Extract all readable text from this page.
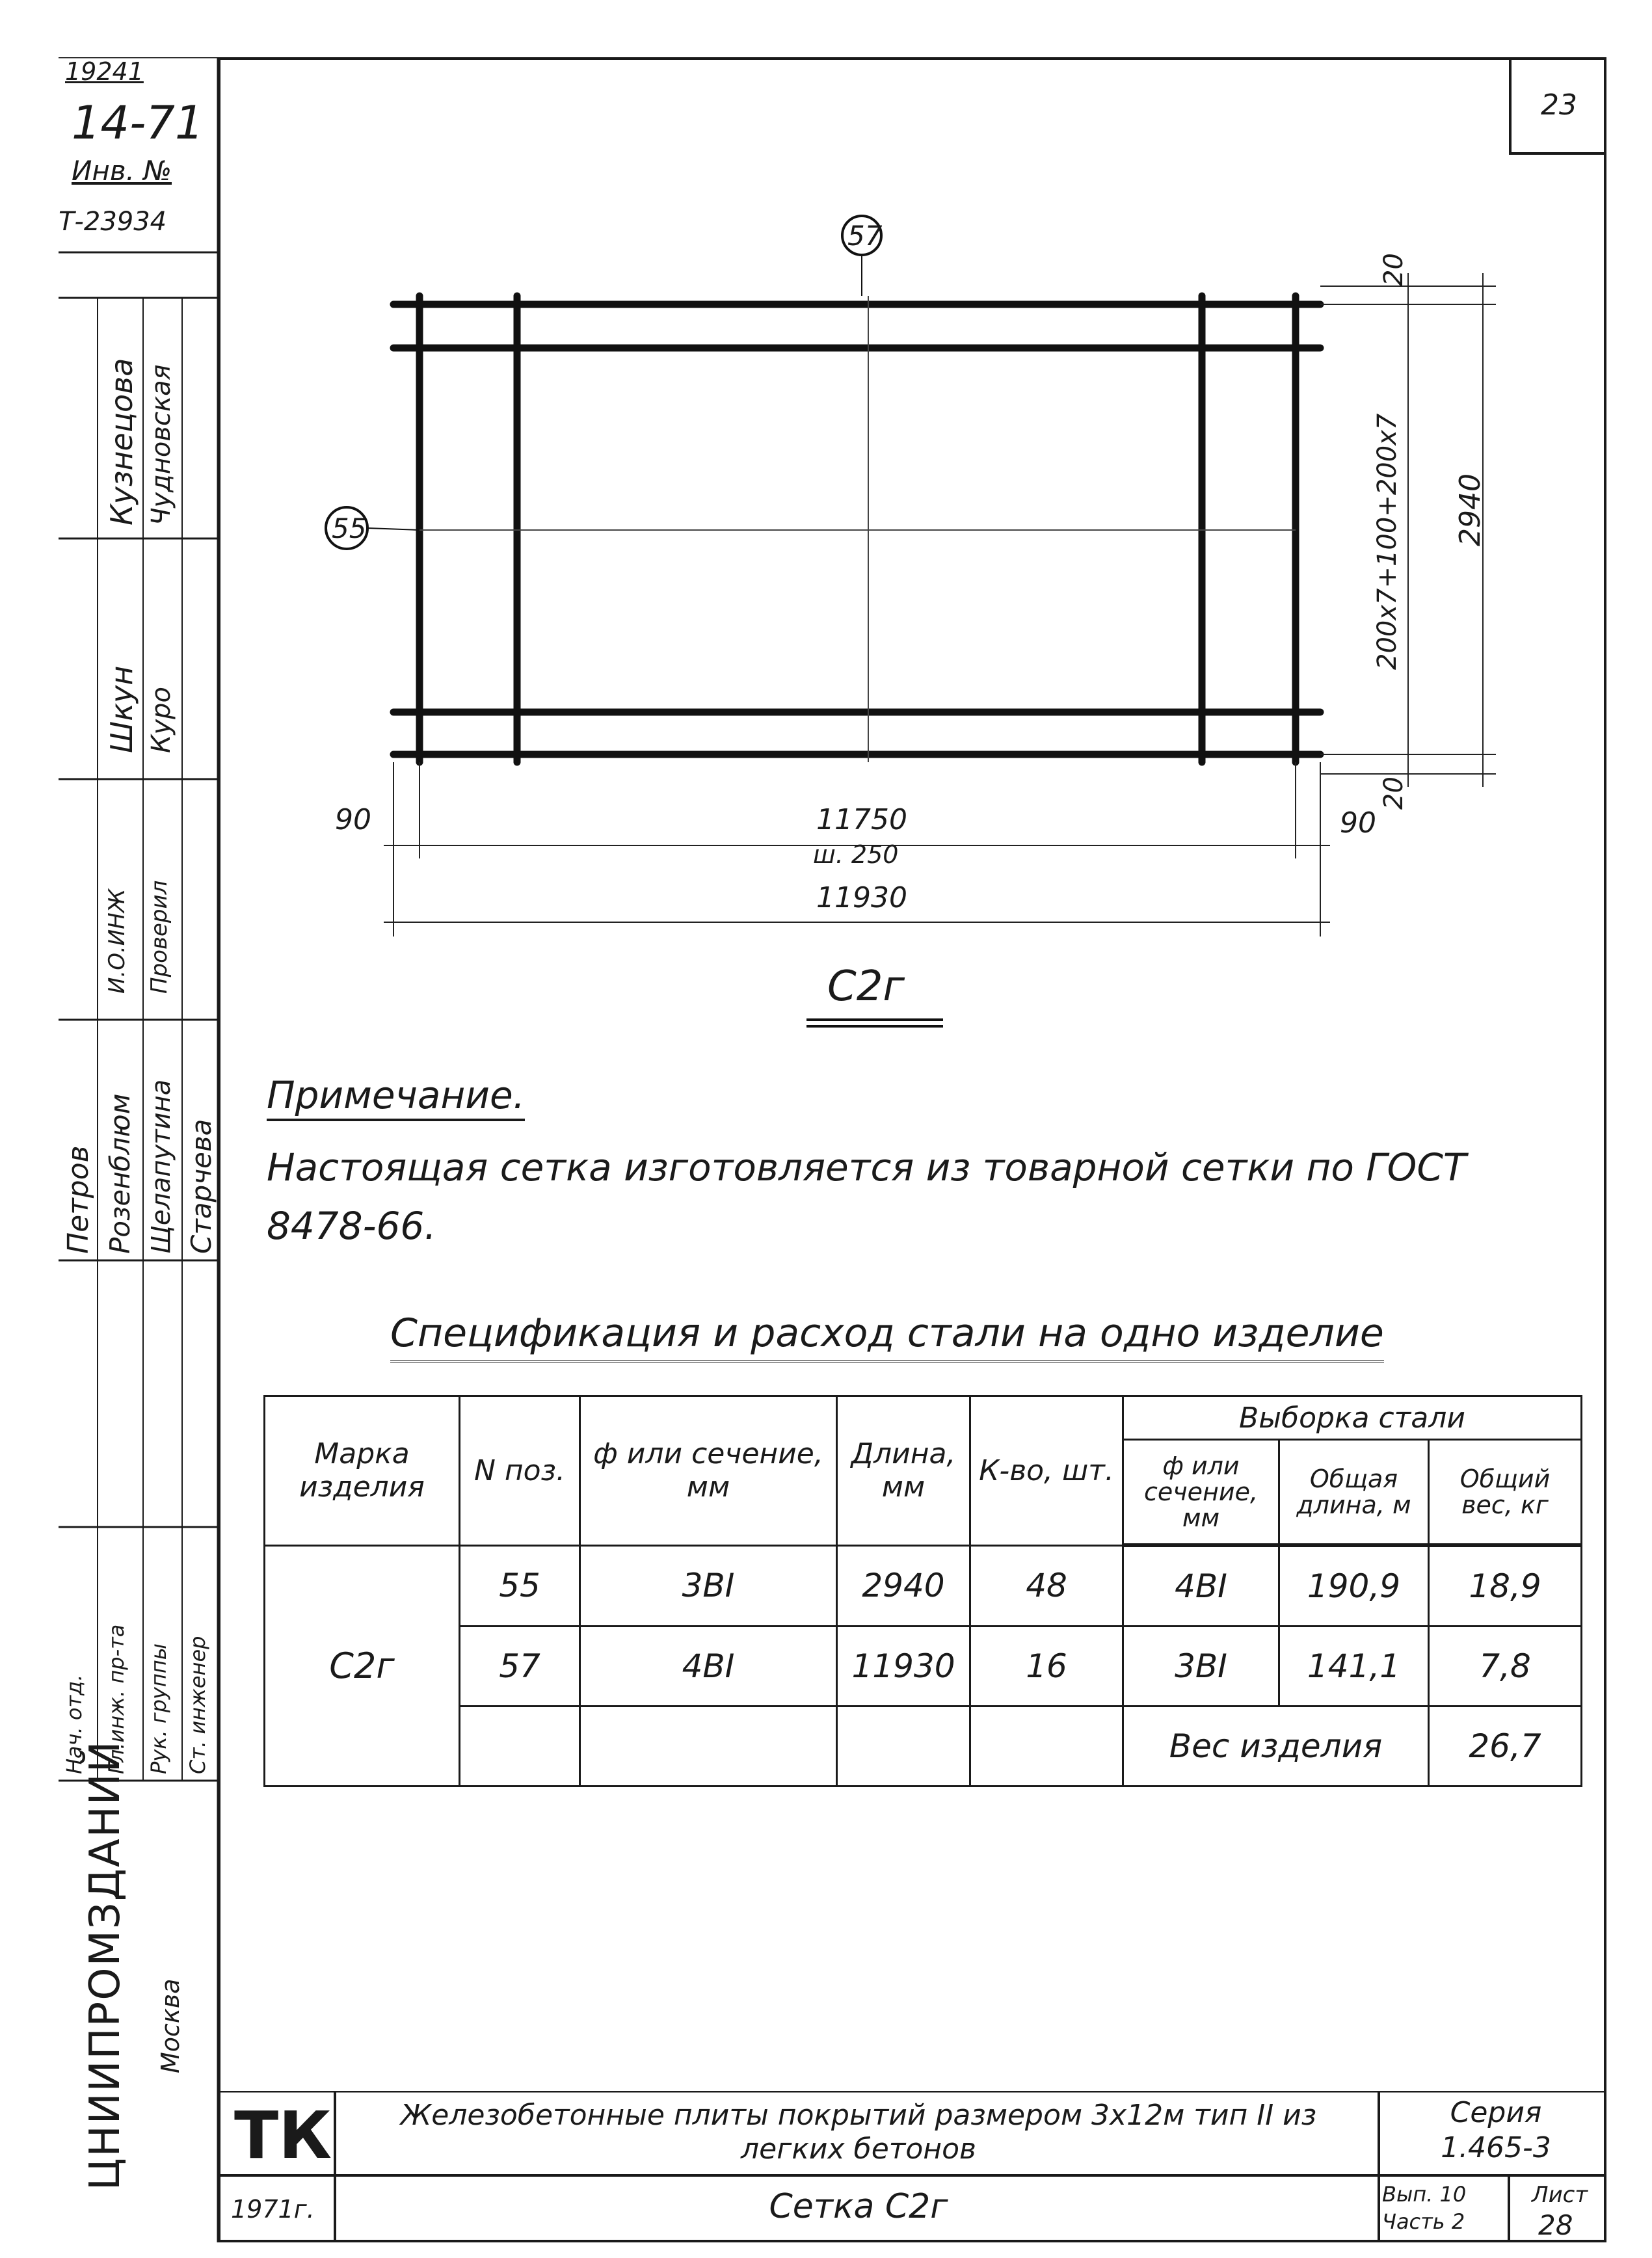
23
19241
14-71
Инв. №
Т-23934
Кузнецова Чудновская
Шкун Куро
И.О.ИНЖ Проверил
Петров Розенблюм Щелапутина Старчева
Нач. отд. Гл.инж. пр-та Рук. группы Ст. инженер
ЦНИИПРОМЗДАНИЙ Москва
57
55
20
200х7+100+200х7 2940
20
90	90
11750
ш. 250
11930
С2г
Примечание.
Настоящая сетка изготовляется из товарной сетки по ГОСТ 8478-66.
Спецификация и расход стали на одно изделие
Марка изделия	N поз.	ф или сечение, мм	Длина, мм	К-во, шт.	Выборка стали		
					ф или сечение, мм	Общая длина, м	Общий вес, кг
С2г	55	3BI	2940	48	4BI	190,9	18,9
	57	4BI	11930	16	3BI	141,1	7,8
					Вес изделия		26,7
ТК
1971г.
Железобетонные плиты покрытий размером 3х12м тип II из легких бетонов
Сетка С2г
Серия
1.465-3
Вып. 10
Часть 2
Лист
28
